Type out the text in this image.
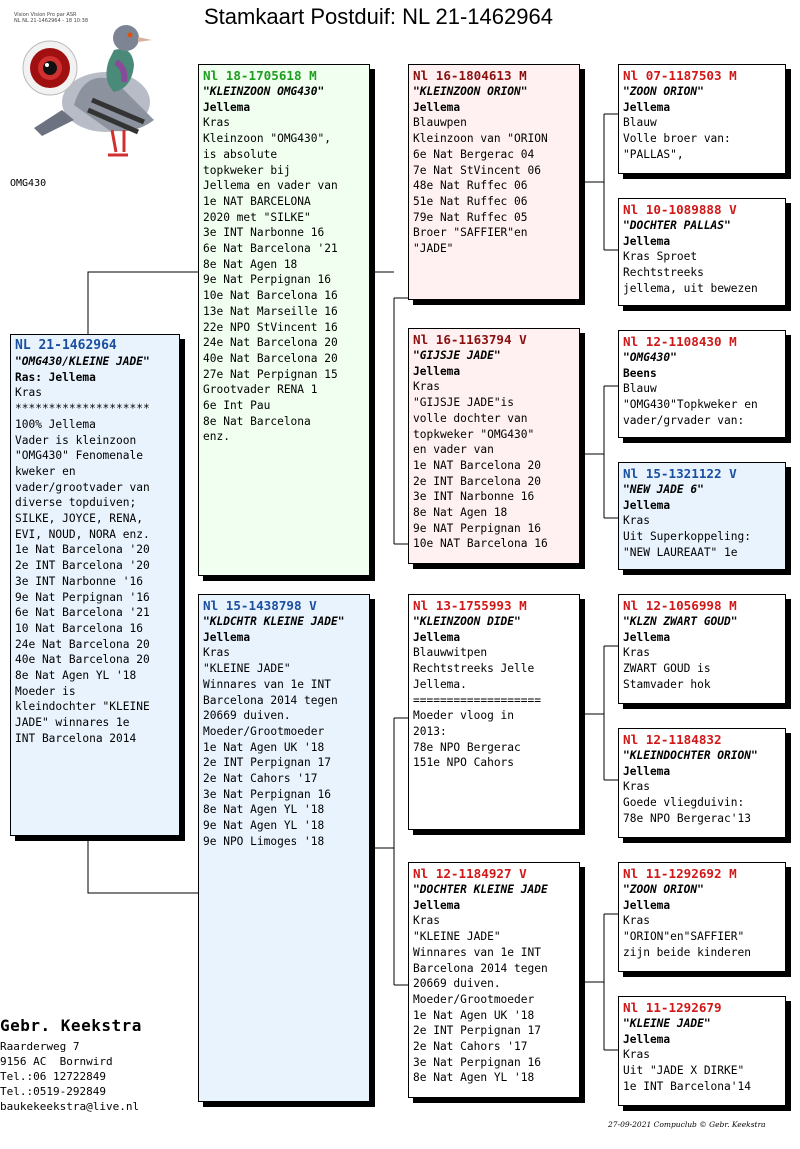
Stamkaart Postduif: NL 21-1462964
Vision Vision Pro par ASR
NL NL 21-1462964 - 18 10:38
OMG430
NL 21-1462964
"OMG430/KLEINE JADE"
Ras: Jellema
Kras
********************
100% Jellema
Vader is kleinzoon
"OMG430" Fenomenale
kweker en
vader/grootvader van
diverse topduiven;
SILKE, JOYCE, RENA,
EVI, NOUD, NORA enz.
1e Nat Barcelona '20
2e INT Barcelona '20
3e INT Narbonne '16
9e Nat Perpignan '16
6e Nat Barcelona '21
10 Nat Barcelona 16
24e Nat Barcelona 20
40e Nat Barcelona 20
8e Nat Agen YL '18
Moeder is
kleindochter "KLEINE
JADE" winnares 1e
INT Barcelona 2014
Nl 18-1705618 M
"KLEINZOON OMG430"
Jellema
Kras
Kleinzoon "OMG430",
is absolute
topkweker bij
Jellema en vader van
1e NAT BARCELONA
2020 met "SILKE"
3e INT Narbonne 16
6e Nat Barcelona '21
8e Nat Agen 18
9e Nat Perpignan 16
10e Nat Barcelona 16
13e Nat Marseille 16
22e NPO StVincent 16
24e Nat Barcelona 20
40e Nat Barcelona 20
27e Nat Perpignan 15
Grootvader RENA 1
6e Int Pau
8e Nat Barcelona
enz.
Nl 15-1438798 V
"KLDCHTR KLEINE JADE"
Jellema
Kras
"KLEINE JADE"
Winnares van 1e INT
Barcelona 2014 tegen
20669 duiven.
Moeder/Grootmoeder
1e Nat Agen UK '18
2e INT Perpignan 17
2e Nat Cahors '17
3e Nat Perpignan 16
8e Nat Agen YL '18
9e Nat Agen YL '18
9e NPO Limoges '18
Nl 16-1804613 M
"KLEINZOON ORION"
Jellema
Blauwpen
Kleinzoon van "ORION
6e Nat Bergerac 04
7e Nat StVincent 06
48e Nat Ruffec 06
51e Nat Ruffec 06
79e Nat Ruffec 05
Broer "SAFFIER"en
"JADE"
Nl 16-1163794 V
"GIJSJE JADE"
Jellema
Kras
"GIJSJE JADE"is
volle dochter van
topkweker "OMG430"
en vader van
1e NAT Barcelona 20
2e INT Barcelona 20
3e INT Narbonne 16
8e Nat Agen 18
9e NAT Perpignan 16
10e NAT Barcelona 16
Nl 13-1755993 M
"KLEINZOON DIDE"
Jellema
Blauwwitpen
Rechtstreeks Jelle
Jellema.
===================
Moeder vloog in
2013:
78e NPO Bergerac
151e NPO Cahors
Nl 12-1184927 V
"DOCHTER KLEINE JADE
Jellema
Kras
"KLEINE JADE"
Winnares van 1e INT
Barcelona 2014 tegen
20669 duiven.
Moeder/Grootmoeder
1e Nat Agen UK '18
2e INT Perpignan 17
2e Nat Cahors '17
3e Nat Perpignan 16
8e Nat Agen YL '18
Nl 07-1187503 M
"ZOON ORION"
Jellema
Blauw
Volle broer van:
"PALLAS",
Nl 10-1089888 V
"DOCHTER PALLAS"
Jellema
Kras Sproet
Rechtstreeks
jellema, uit bewezen
Nl 12-1108430 M
"OMG430"
Beens
Blauw
"OMG430"Topkweker en
vader/grvader van:
Nl 15-1321122 V
"NEW JADE 6"
Jellema
Kras
Uit Superkoppeling:
"NEW LAUREAAT" 1e
Nl 12-1056998 M
"KLZN ZWART GOUD"
Jellema
Kras
ZWART GOUD is
Stamvader hok
Nl 12-1184832
"KLEINDOCHTER ORION"
Jellema
Kras
Goede vliegduivin:
78e NPO Bergerac'13
Nl 11-1292692 M
"ZOON ORION"
Jellema
Kras
"ORION"en"SAFFIER"
zijn beide kinderen
Nl 11-1292679
"KLEINE JADE"
Jellema
Kras
Uit "JADE X DIRKE"
1e INT Barcelona'14
Gebr. Keekstra
Raarderweg 7
9156 AC  Bornwird
Tel.:06 12722849
Tel.:0519-292849
baukekeekstra@live.nl
27-09-2021 Compuclub © Gebr. Keekstra
